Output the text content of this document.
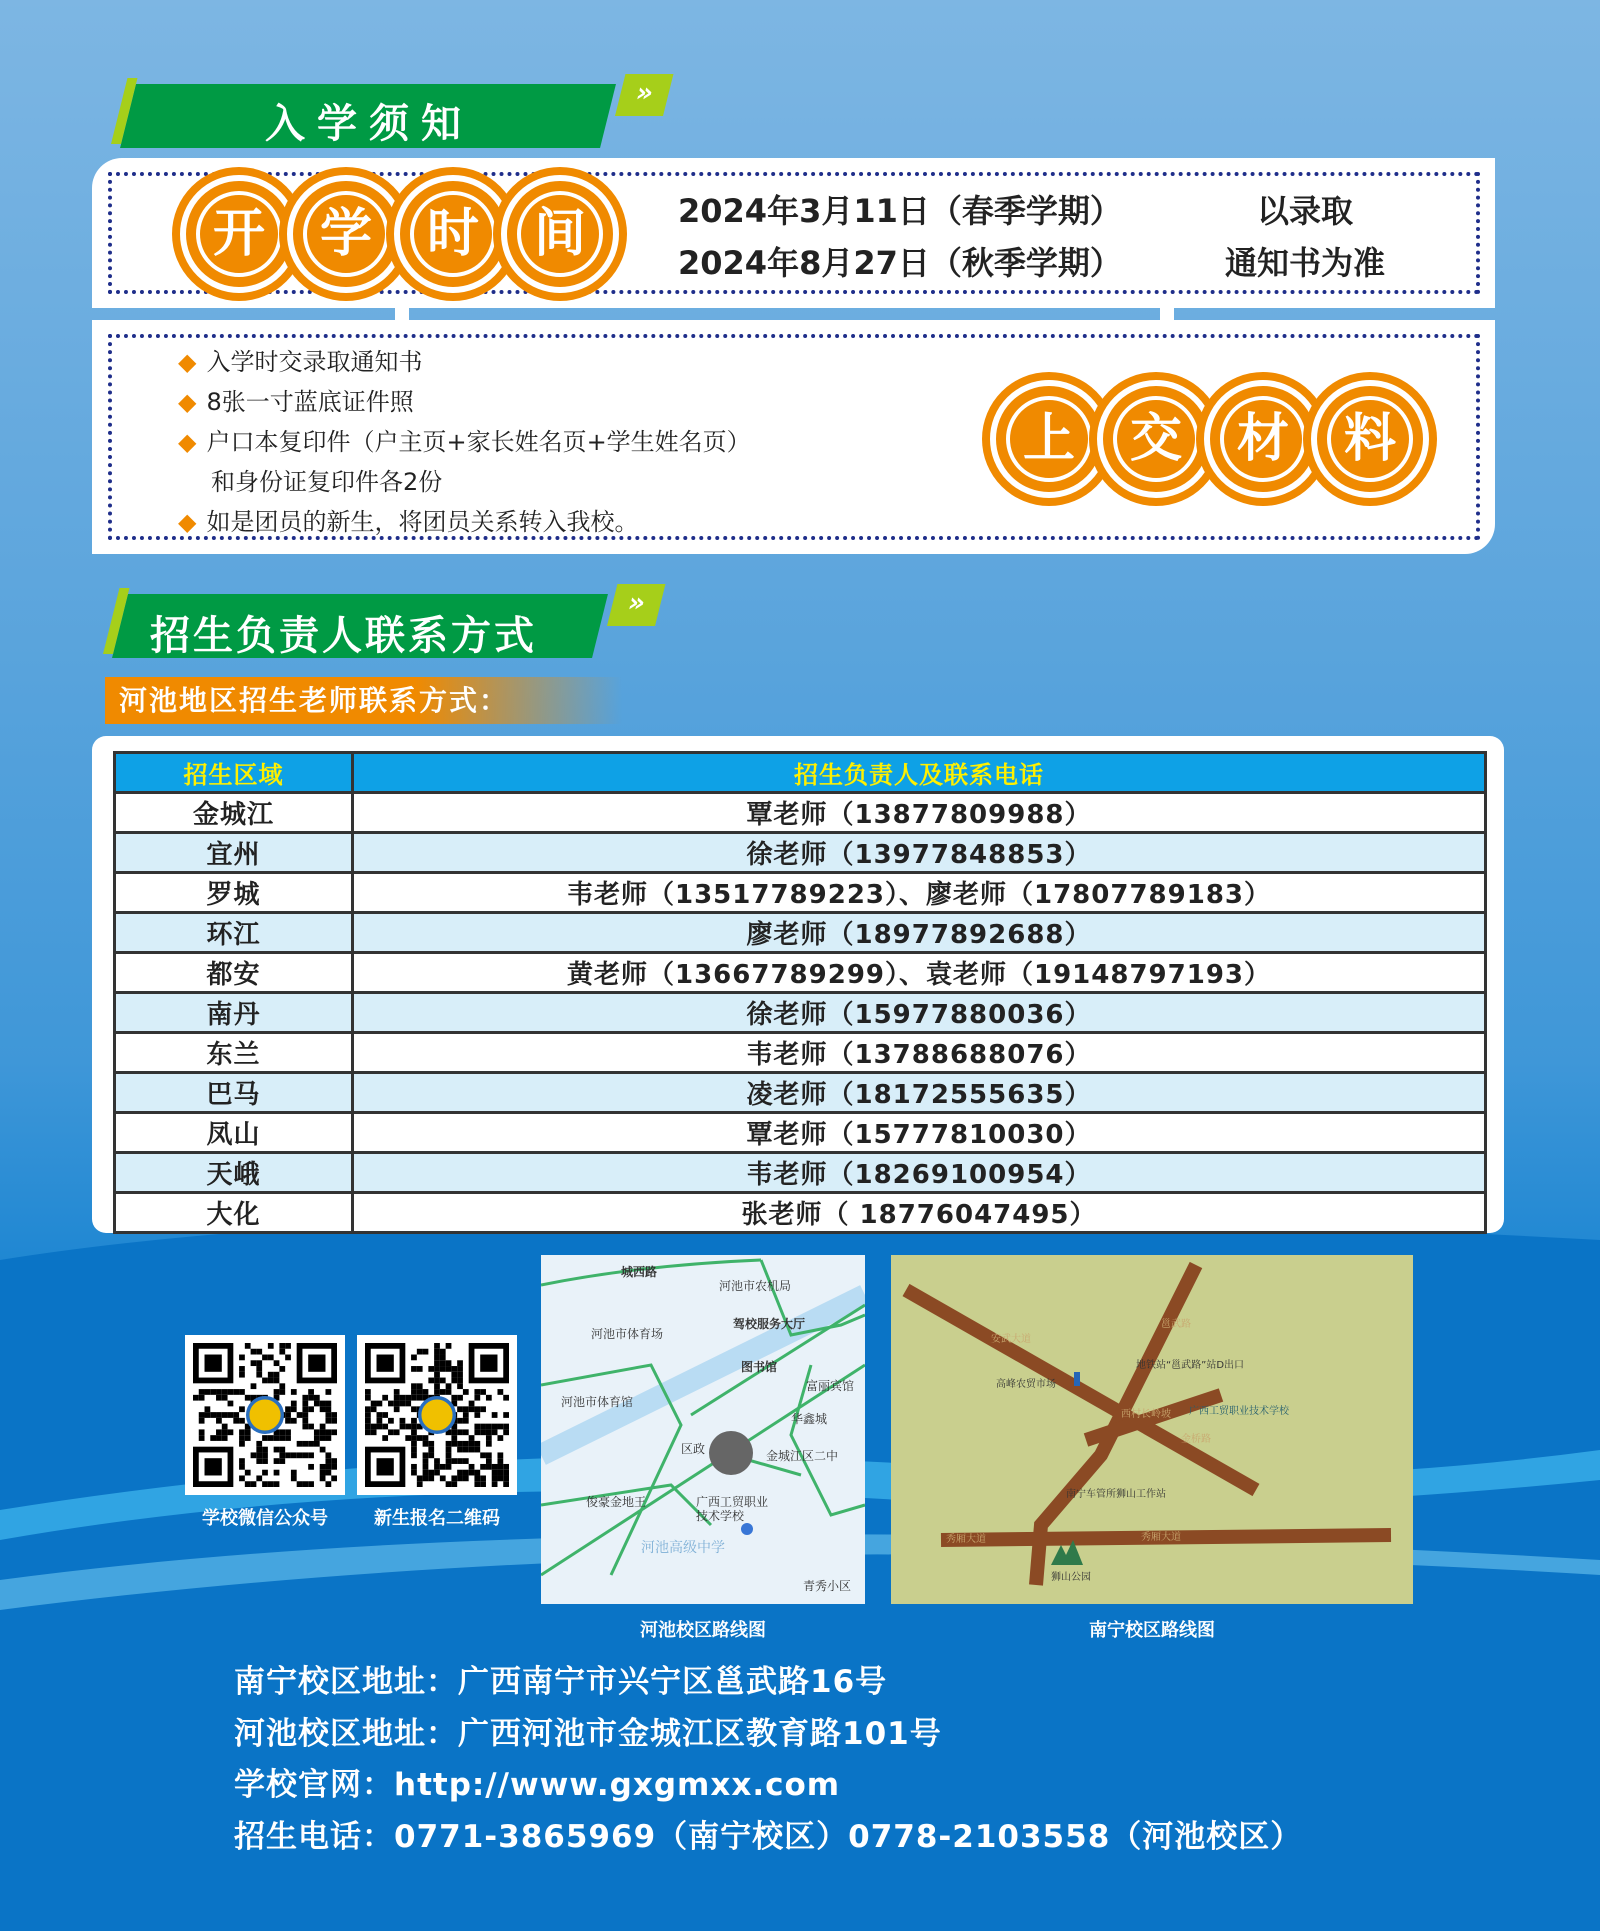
»
入学须知
开	学	时	间	2024年3月11日（春季学期）
2024年8月27日（秋季学期）
以录取
通知书为准
◆ 入学时交录取通知书
◆ 8张一寸蓝底证件照
◆ 户口本复印件（户主页+家长姓名页+学生姓名页）
和身份证复印件各2份
◆ 如是团员的新生，将团员关系转入我校。
上	交	材	料
»
招生负责人联系方式
河池地区招生老师联系方式：
招生区域	招生负责人及联系电话
金城江	覃老师（13877809988）
宜州	徐老师（13977848853）
罗城	韦老师（13517789223）、廖老师（17807789183）
环江	廖老师（18977892688）
都安	黄老师（13667789299）、袁老师（19148797193）
南丹	徐老师（15977880036）
东兰	韦老师（13788688076）
巴马	凌老师（18172555635）
凤山	覃老师（15777810030）
天峨	韦老师（18269100954）
大化	张老师（ 18776047495）
学校微信公众号	新生报名二维码
城西路
河池市农机局
河池市体育场
驾校服务大厅
图书馆
富丽宾馆
河池市体育馆
华鑫城
区政	金城江区二中
俊豪金地王	广西工贸职业技术学校
河池高级中学
青秀小区
安武大道
邕武路
地铁站“邕武路”站D出口
高峰农贸市场
广西工贸职业技术学校
西村长岭坡
金桥路
南宁车管所狮山工作站
秀厢大道	秀厢大道
狮山公园
河池校区路线图	南宁校区路线图
南宁校区地址：广西南宁市兴宁区邕武路16号
河池校区地址：广西河池市金城江区教育路101号
学校官网：http://www.gxgmxx.com
招生电话：0771-3865969（南宁校区）0778-2103558（河池校区）
